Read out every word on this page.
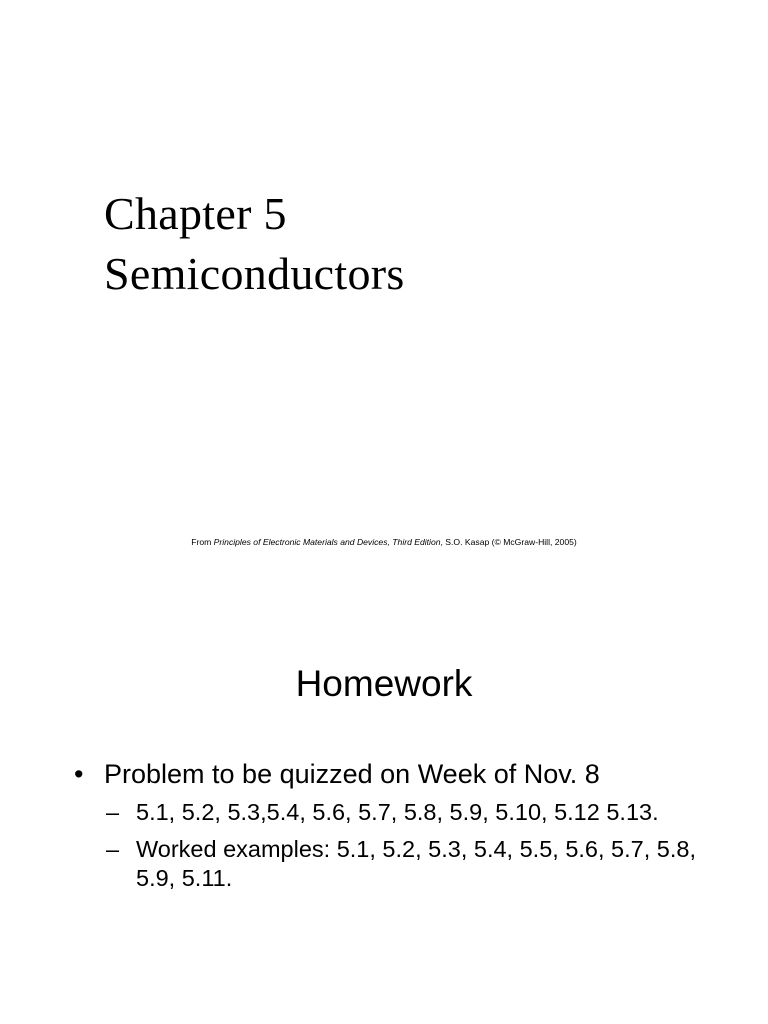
Chapter 5
Semiconductors

From Principles of Electronic Materials and Devices, Third Edition, S.O. Kasap (© McGraw-Hill, 2005)

Homework
• Problem to be quizzed on Week of Nov. 8
– 5.1, 5.2, 5.3,5.4, 5.6, 5.7, 5.8, 5.9, 5.10, 5.12 5.13.
– Worked examples: 5.1, 5.2, 5.3, 5.4, 5.5, 5.6, 5.7, 5.8, 5.9, 5.11.
